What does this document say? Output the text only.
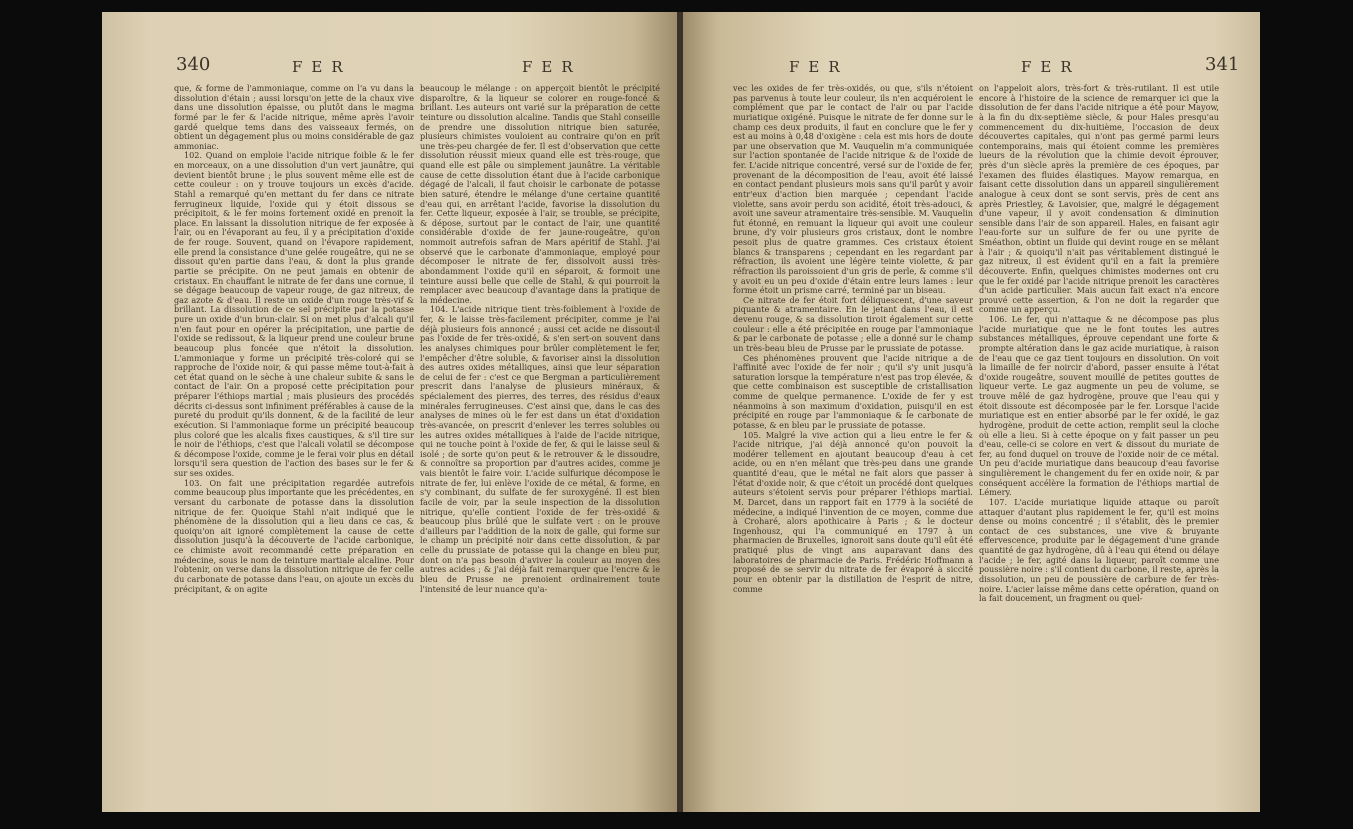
340	FER	FER

que, & forme de l'ammoniaque, comme on l'a vu dans la dissolution d'étain ; aussi lorsqu'on jette de la chaux vive dans une dissolution épaisse, ou plutôt dans le magma formé par le fer & l'acide nitrique, même après l'avoir gardé quelque tems dans des vaisseaux fermés, on obtient un dégagement plus ou moins considérable de gaz ammoniac.

102. Quand on emploie l'acide nitrique foible & le fer en morceaux, on a une dissolution d'un vert jaunâtre, qui devient bientôt brune ; le plus souvent même elle est de cette couleur : on y trouve toujours un excès d'acide. Stahl a remarqué qu'en mettant du fer dans ce nitrate ferrugineux liquide, l'oxide qui y étoit dissous se précipitoit, & le fer moins fortement oxidé en prenoit la place. En laissant la dissolution nitrique de fer exposée à l'air, ou en l'évaporant au feu, il y a précipitation d'oxide de fer rouge. Souvent, quand on l'évapore rapidement, elle prend la consistance d'une gelée rougeâtre, qui ne se dissout qu'en partie dans l'eau, & dont la plus grande partie se précipite. On ne peut jamais en obtenir de cristaux. En chauffant le nitrate de fer dans une cornue, il se dégage beaucoup de vapeur rouge, de gaz nitreux, de gaz azote & d'eau. Il reste un oxide d'un rouge très-vif & brillant. La dissolution de ce sel précipite par la potasse pure un oxide d'un brun-clair. Si on met plus d'alcali qu'il n'en faut pour en opérer la précipitation, une partie de l'oxide se redissout, & la liqueur prend une couleur brune beaucoup plus foncée que n'étoit la dissolution. L'ammoniaque y forme un précipité très-coloré qui se rapproche de l'oxide noir, & qui passe même tout-à-fait à cet état quand on le sèche à une chaleur subite & sans le contact de l'air. On a proposé cette précipitation pour préparer l'éthiops martial ; mais plusieurs des procédés décrits ci-dessus sont infiniment préférables à cause de la pureté du produit qu'ils donnent, & de la facilité de leur exécution. Si l'ammoniaque forme un précipité beaucoup plus coloré que les alcalis fixes caustiques, & s'il tire sur le noir de l'éthiops, c'est que l'alcali volatil se décompose & décompose l'oxide, comme je le ferai voir plus en détail lorsqu'il sera question de l'action des bases sur le fer & sur ses oxides.

103. On fait une précipitation regardée autrefois comme beaucoup plus importante que les précédentes, en versant du carbonate de potasse dans la dissolution nitrique de fer. Quoique Stahl n'ait indiqué que le phénomène de la dissolution qui a lieu dans ce cas, & quoiqu'on ait ignoré complètement la cause de cette dissolution jusqu'à la découverte de l'acide carbonique, ce chimiste avoit recommandé cette préparation en médecine, sous le nom de teinture martiale alcaline. Pour l'obtenir, on verse dans la dissolution nitrique de fer celle du carbonate de potasse dans l'eau, on ajoute un excès du précipitant, & on agite

beaucoup le mélange : on apperçoit bientôt le précipité disparoître, & la liqueur se colorer en rouge-foncé & brillant. Les auteurs ont varié sur la préparation de cette teinture ou dissolution alcaline. Tandis que Stahl conseille de prendre une dissolution nitrique bien saturée, plusieurs chimistes vouloient au contraire qu'on en prît une très-peu chargée de fer. Il est d'observation que cette dissolution réussit mieux quand elle est très-rouge, que quand elle est pâle ou simplement jaunâtre. La véritable cause de cette dissolution étant due à l'acide carbonique dégagé de l'alcali, il faut choisir le carbonate de potasse bien saturé, étendre le mélange d'une certaine quantité d'eau qui, en arrêtant l'acide, favorise la dissolution du fer. Cette liqueur, exposée à l'air, se trouble, se précipite, & dépose, surtout par le contact de l'air, une quantité considérable d'oxide de fer jaune-rougeâtre, qu'on nommoit autrefois safran de Mars apéritif de Stahl. J'ai observé que le carbonate d'ammoniaque, employé pour décomposer le nitrate de fer, dissolvoit aussi très-abondamment l'oxide qu'il en séparoit, & formoit une teinture aussi belle que celle de Stahl, & qui pourroit la remplacer avec beaucoup d'avantage dans la pratique de la médecine.

104. L'acide nitrique tient très-foiblement à l'oxide de fer, & le laisse très-facilement précipiter, comme je l'ai déjà plusieurs fois annoncé ; aussi cet acide ne dissout-il pas l'oxide de fer très-oxidé, & s'en sert-on souvent dans les analyses chimiques pour brûler complètement le fer, l'empêcher d'être soluble, & favoriser ainsi la dissolution des autres oxides métalliques, ainsi que leur séparation de celui de fer : c'est ce que Bergman a particulièrement prescrit dans l'analyse de plusieurs minéraux, & spécialement des pierres, des terres, des résidus d'eaux minérales ferrugineuses. C'est ainsi que, dans le cas des analyses de mines où le fer est dans un état d'oxidation très-avancée, on prescrit d'enlever les terres solubles ou les autres oxides métalliques à l'aide de l'acide nitrique, qui ne touche point à l'oxide de fer, & qui le laisse seul & isolé ; de sorte qu'on peut & le retrouver & le dissoudre, & connoître sa proportion par d'autres acides, comme je vais bientôt le faire voir. L'acide sulfurique décompose le nitrate de fer, lui enlève l'oxide de ce métal, & forme, en s'y combinant, du sulfate de fer suroxygéné. Il est bien facile de voir, par la seule inspection de la dissolution nitrique, qu'elle contient l'oxide de fer très-oxidé & beaucoup plus brûlé que le sulfate vert : on le prouve d'ailleurs par l'addition de la noix de galle, qui forme sur le champ un précipité noir dans cette dissolution, & par celle du prussiate de potasse qui la change en bleu pur, dont on n'a pas besoin d'aviver la couleur au moyen des autres acides ; & j'ai déjà fait remarquer que l'encre & le bleu de Prusse ne prenoient ordinairement toute l'intensité de leur nuance qu'a-

FER	FER	341

vec les oxides de fer très-oxidés, ou que, s'ils n'étoient pas parvenus à toute leur couleur, ils n'en acquéroient le complément que par le contact de l'air ou par l'acide muriatique oxigéné. Puisque le nitrate de fer donne sur le champ ces deux produits, il faut en conclure que le fer y est au moins à 0,48 d'oxigène : cela est mis hors de doute par une observation que M. Vauquelin m'a communiquée sur l'action spontanée de l'acide nitrique & de l'oxide de fer. L'acide nitrique concentré, versé sur de l'oxide de fer, provenant de la décomposition de l'eau, avoit été laissé en contact pendant plusieurs mois sans qu'il parût y avoir entr'eux d'action bien marquée ; cependant l'acide violette, sans avoir perdu son acidité, étoit très-adouci, & avoit une saveur atramentaire très-sensible. M. Vauquelin fut étonné, en remuant la liqueur qui avoit une couleur brune, d'y voir plusieurs gros cristaux, dont le nombre pesoit plus de quatre grammes. Ces cristaux étoient blancs & transparens ; cependant en les regardant par réfraction, ils avoient une légère teinte violette, & par réfraction ils paroissoient d'un gris de perle, & comme s'il y avoit eu un peu d'oxide d'étain entre leurs lames : leur forme étoit un prisme carré, terminé par un biseau.

Ce nitrate de fer étoit fort déliquescent, d'une saveur piquante & atramentaire. En le jetant dans l'eau, il est devenu rouge, & sa dissolution tiroit également sur cette couleur : elle a été précipitée en rouge par l'ammoniaque & par le carbonate de potasse ; elle a donné sur le champ un très-beau bleu de Prusse par le prussiate de potasse.

Ces phénomènes prouvent que l'acide nitrique a de l'affinité avec l'oxide de fer noir ; qu'il s'y unit jusqu'à saturation lorsque la température n'est pas trop élevée, & que cette combinaison est susceptible de cristallisation comme de quelque permanence. L'oxide de fer y est néanmoins à son maximum d'oxidation, puisqu'il en est précipité en rouge par l'ammoniaque & le carbonate de potasse, & en bleu par le prussiate de potasse.

105. Malgré la vive action qui a lieu entre le fer & l'acide nitrique, j'ai déjà annoncé qu'on pouvoit la modérer tellement en ajoutant beaucoup d'eau à cet acide, ou en n'en mêlant que très-peu dans une grande quantité d'eau, que le métal ne fait alors que passer à l'état d'oxide noir, & que c'étoit un procédé dont quelques auteurs s'étoient servis pour préparer l'éthiops martial. M. Darcet, dans un rapport fait en 1779 à la société de médecine, a indiqué l'invention de ce moyen, comme due à Croharé, alors apothicaire à Paris ; & le docteur Ingenhousz, qui l'a communiqué en 1797 à un pharmacien de Bruxelles, ignoroit sans doute qu'il eût été pratiqué plus de vingt ans auparavant dans des laboratoires de pharmacie de Paris. Frédéric Hoffmann a proposé de se servir du nitrate de fer évaporé à siccité pour en obtenir par la distillation de l'esprit de nitre, comme

on l'appeloit alors, très-fort & très-rutilant. Il est utile encore à l'histoire de la science de remarquer ici que la dissolution de fer dans l'acide nitrique a été pour Mayow, à la fin du dix-septième siècle, & pour Hales presqu'au commencement du dix-huitième, l'occasion de deux découvertes capitales, qui n'ont pas germé parmi leurs contemporains, mais qui étoient comme les premières lueurs de la révolution que la chimie devoit éprouver, près d'un siècle après la première de ces époques, par l'examen des fluides élastiques. Mayow remarqua, en faisant cette dissolution dans un appareil singulièrement analogue à ceux dont se sont servis, près de cent ans après Priestley, & Lavoisier, que, malgré le dégagement d'une vapeur, il y avoit condensation & diminution sensible dans l'air de son appareil. Hales, en faisant agir l'eau-forte sur un sulfure de fer ou une pyrite de Sméathon, obtint un fluide qui devint rouge en se mêlant à l'air ; & quoiqu'il n'ait pas véritablement distingué le gaz nitreux, il est évident qu'il en a fait la première découverte. Enfin, quelques chimistes modernes ont cru que le fer oxidé par l'acide nitrique prenoit les caractères d'un acide particulier. Mais aucun fait exact n'a encore prouvé cette assertion, & l'on ne doit la regarder que comme un apperçu.

106. Le fer, qui n'attaque & ne décompose pas plus l'acide muriatique que ne le font toutes les autres substances métalliques, éprouve cependant une forte & prompte altération dans le gaz acide muriatique, à raison de l'eau que ce gaz tient toujours en dissolution. On voit la limaille de fer noircir d'abord, passer ensuite à l'état d'oxide rougeâtre, souvent mouillé de petites gouttes de liqueur verte. Le gaz augmente un peu de volume, se trouve mêlé de gaz hydrogène, prouve que l'eau qui y étoit dissoute est décomposée par le fer. Lorsque l'acide muriatique est en entier absorbé par le fer oxidé, le gaz hydrogène, produit de cette action, remplit seul la cloche où elle a lieu. Si à cette époque on y fait passer un peu d'eau, celle-ci se colore en vert & dissout du muriate de fer, au fond duquel on trouve de l'oxide noir de ce métal. Un peu d'acide muriatique dans beaucoup d'eau favorise singulièrement le changement du fer en oxide noir, & par conséquent accélère la formation de l'éthiops martial de Lémery.

107. L'acide muriatique liquide attaque ou paroît attaquer d'autant plus rapidement le fer, qu'il est moins dense ou moins concentré ; il s'établit, dès le premier contact de ces substances, une vive & bruyante effervescence, produite par le dégagement d'une grande quantité de gaz hydrogène, dû à l'eau qui étend ou délaye l'acide ; le fer, agité dans la liqueur, paroît comme une poussière noire : s'il contient du carbone, il reste, après la dissolution, un peu de poussière de carbure de fer très-noire. L'acier laisse même dans cette opération, quand on la fait doucement, un fragment ou quel-
